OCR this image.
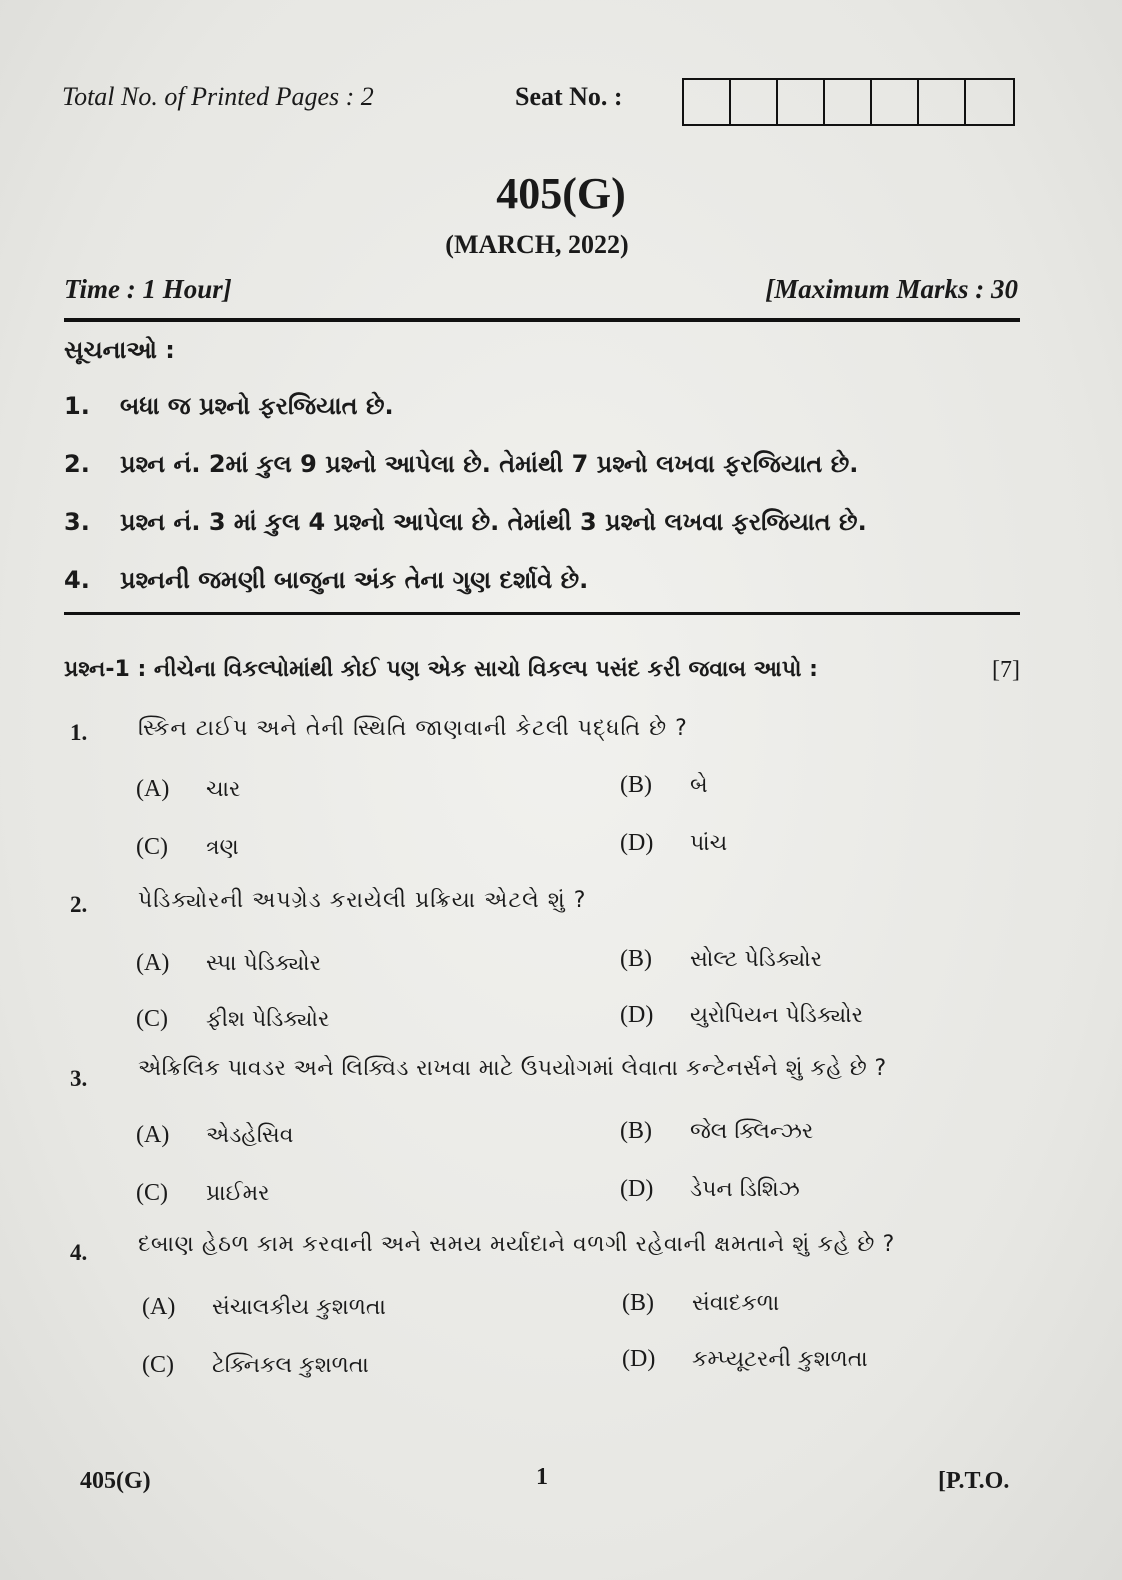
Total No. of Printed Pages : 2	Seat No. :
405(G)
(MARCH, 2022)
Time : 1 Hour]	[Maximum Marks : 30
સૂચનાઓ :
1. બધા જ પ્રશ્નો ફરજિયાત છે.
2. પ્રશ્ન નં. 2માં કુલ 9 પ્રશ્નો આપેલા છે. તેમાંથી 7 પ્રશ્નો લખવા ફરજિયાત છે.
3. પ્રશ્ન નં. 3 માં કુલ 4 પ્રશ્નો આપેલા છે. તેમાંથી 3 પ્રશ્નો લખવા ફરજિયાત છે.
4. પ્રશ્નની જમણી બાજુના અંક તેના ગુણ દર્શાવે છે.
પ્રશ્ન-1 : નીચેના વિકલ્પોમાંથી કોઈ પણ એક સાચો વિકલ્પ પસંદ કરી જવાબ આપો :	[7]
1. સ્કિન ટાઈપ અને તેની સ્થિતિ જાણવાની કેટલી પદ્ધતિ છે ?
(A) ચાર	(B) બે
(C) ત્રણ	(D) પાંચ
2. પેડિક્યોરની અપગ્રેડ કરાયેલી પ્રક્રિયા એટલે શું ?
(A) સ્પા પેડિક્યોર	(B) સોલ્ટ પેડિક્યોર
(C) ફીશ પેડિક્યોર	(D) યુરોપિયન પેડિક્યોર
3. એક્રિલિક પાવડર અને લિક્વિડ રાખવા માટે ઉપયોગમાં લેવાતા કન્ટેનર્સને શું કહે છે ?
(A) એડહેસિવ	(B) જેલ ક્લિન્ઝર
(C) પ્રાઈમર	(D) ડેપન ડિશિઝ
4. દબાણ હેઠળ કામ કરવાની અને સમય મર્યાદાને વળગી રહેવાની ક્ષમતાને શું કહે છે ?
(A) સંચાલકીય કુશળતા	(B) સંવાદકળા
(C) ટેક્નિકલ કુશળતા	(D) કમ્પ્યૂટરની કુશળતા
405(G)	1	[P.T.O.
